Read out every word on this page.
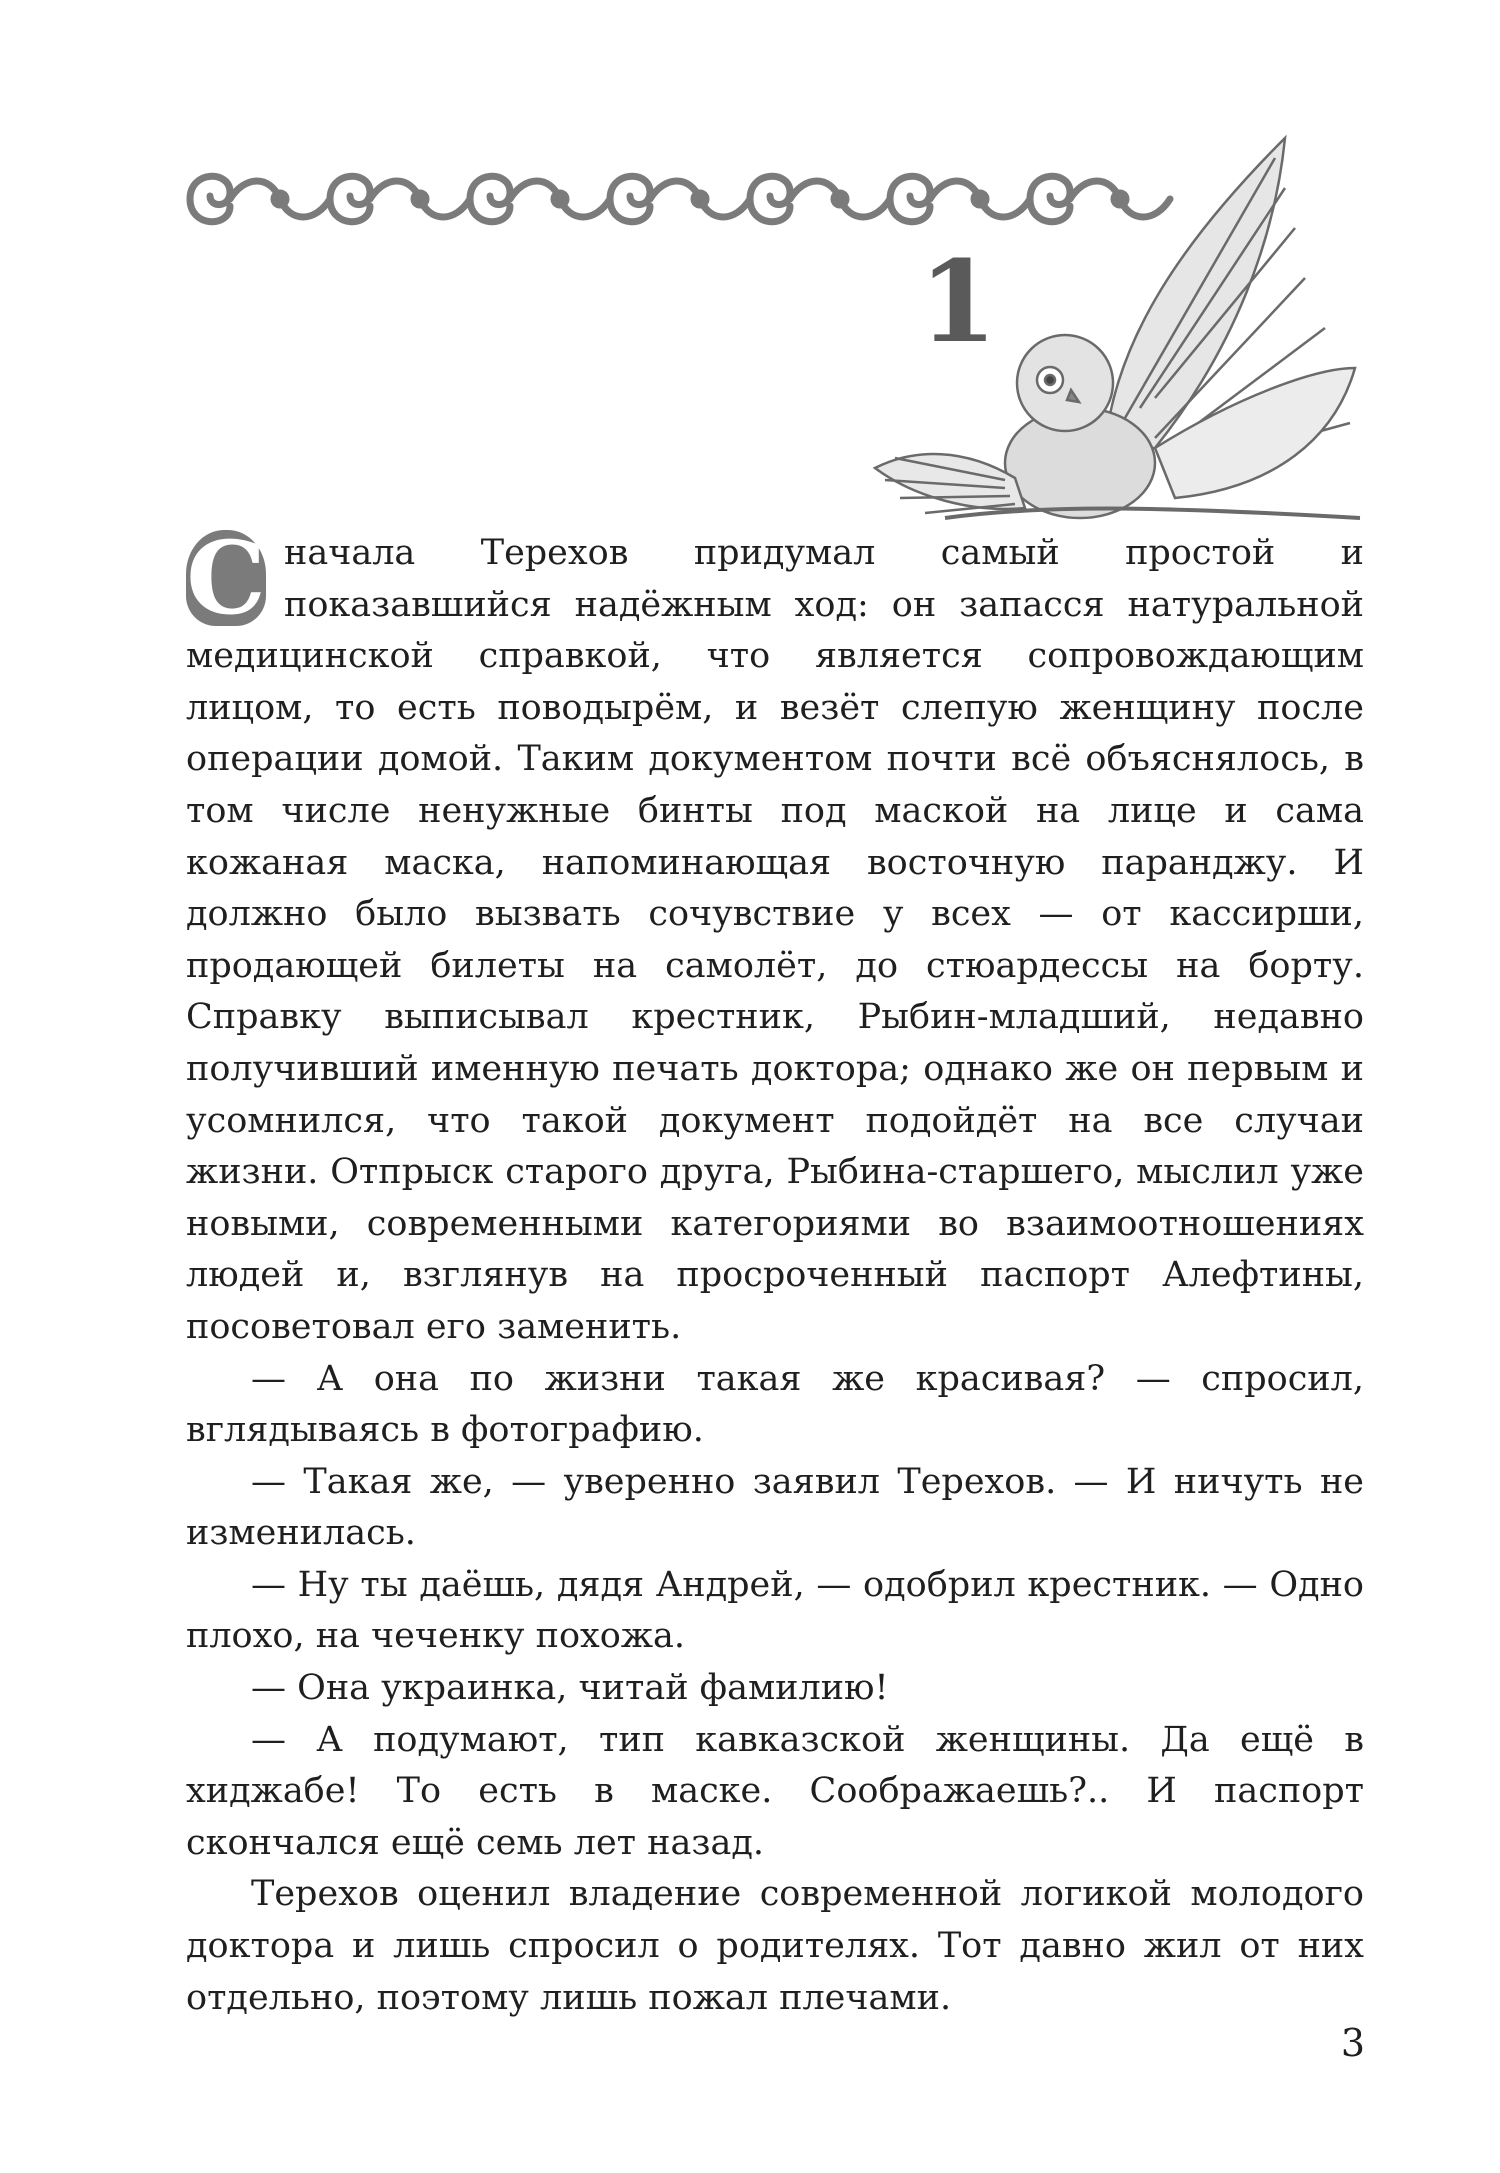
1

С начала Терехов придумал самый простой и показавшийся надёжным ход: он запасся натуральной медицинской справкой, что является сопровождающим лицом, то есть поводырём, и везёт слепую женщину после операции домой. Таким документом почти всё объяснялось, в том числе ненужные бинты под маской на лице и сама кожаная маска, напоминающая восточную паранджу. И должно было вызвать сочувствие у всех — от кассирши, продающей билеты на самолёт, до стюардессы на борту. Справку выписывал крестник, Рыбин-младший, недавно получивший именную печать доктора; однако же он первым и усомнился, что такой документ подойдёт на все случаи жизни. Отпрыск старого друга, Рыбина-старшего, мыслил уже новыми, современными категориями во взаимоотношениях людей и, взглянув на просроченный паспорт Алефтины, посоветовал его заменить.

— А она по жизни такая же красивая? — спросил, вглядываясь в фотографию.

— Такая же, — уверенно заявил Терехов. — И ничуть не изменилась.

— Ну ты даёшь, дядя Андрей, — одобрил крестник. — Одно плохо, на чеченку похожа.

— Она украинка, читай фамилию!

— А подумают, тип кавказской женщины. Да ещё в хиджабе! То есть в маске. Соображаешь?.. И паспорт скончался ещё семь лет назад.

Терехов оценил владение современной логикой молодого доктора и лишь спросил о родителях. Тот давно жил от них отдельно, поэтому лишь пожал плечами.

3
